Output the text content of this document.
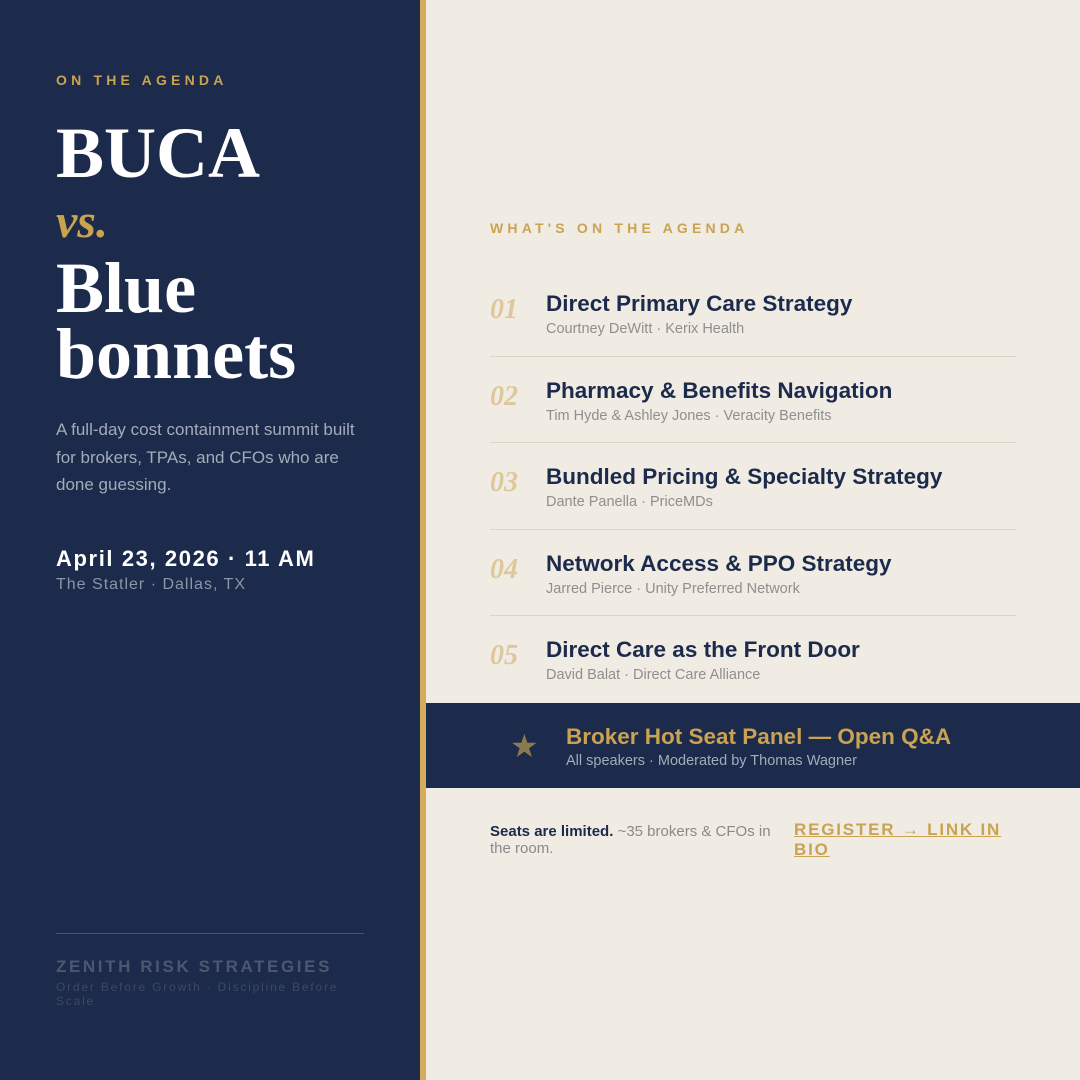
ON THE AGENDA
BUCA
vs.
Blue
bonnets
A full-day cost containment summit built for brokers, TPAs, and CFOs who are done guessing.
April 23, 2026 · 11 AM
The Statler · Dallas, TX
ZENITH RISK STRATEGIES
Order Before Growth · Discipline Before Scale
WHAT'S ON THE AGENDA
01 Direct Primary Care Strategy
Courtney DeWitt · Kerix Health
02 Pharmacy & Benefits Navigation
Tim Hyde & Ashley Jones · Veracity Benefits
03 Bundled Pricing & Specialty Strategy
Dante Panella · PriceMDs
04 Network Access & PPO Strategy
Jarred Pierce · Unity Preferred Network
05 Direct Care as the Front Door
David Balat · Direct Care Alliance
★ Broker Hot Seat Panel — Open Q&A
All speakers · Moderated by Thomas Wagner
Seats are limited. ~35 brokers & CFOs in the room.
REGISTER → LINK IN BIO
